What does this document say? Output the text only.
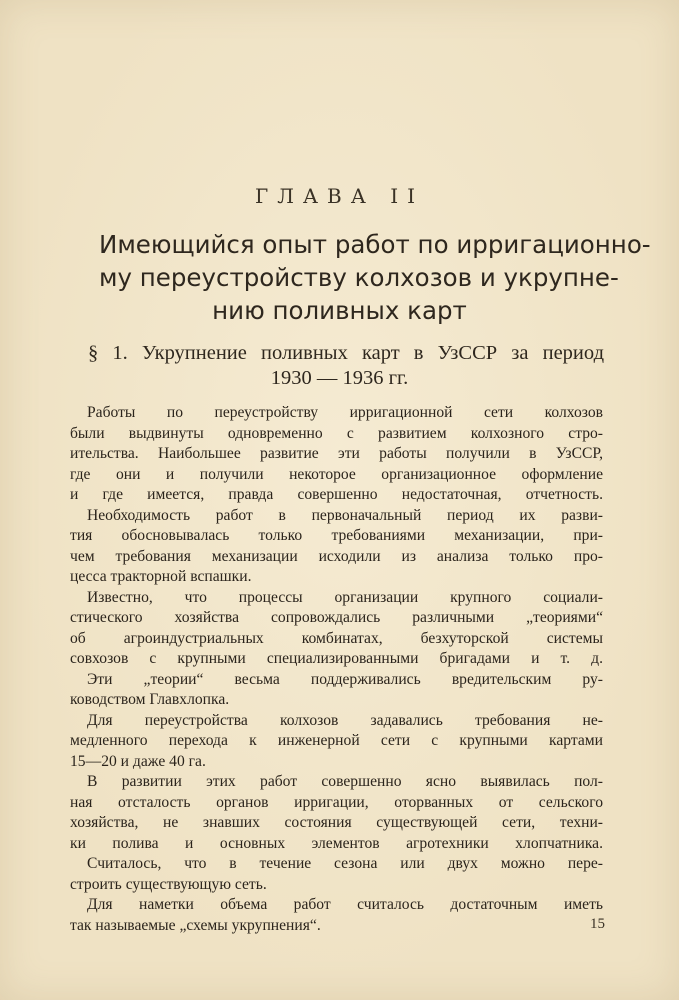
ГЛАВА II
Имеющийся опыт работ по ирригационно-
му переустройству колхозов и укрупне-
нию поливных карт
§ 1. Укрупнение поливных карт в УзССР за период
1930 — 1936 гг.
Работы по переустройству ирригационной сети колхозов
были выдвинуты одновременно с развитием колхозного стро-
ительства. Наибольшее развитие эти работы получили в УзССР,
где они и получили некоторое организационное оформление
и где имеется, правда совершенно недостаточная, отчетность.
Необходимость работ в первоначальный период их разви-
тия обосновывалась только требованиями механизации, при-
чем требования механизации исходили из анализа только про-
цесса тракторной вспашки.
Известно, что процессы организации крупного социали-
стического хозяйства сопровождались различными „теориями“
об агроиндустриальных комбинатах, безхуторской системы
совхозов с крупными специализированными бригадами и т. д.
Эти „теории“ весьма поддерживались вредительским ру-
ководством Главхлопка.
Для переустройства колхозов задавались требования не-
медленного перехода к инженерной сети с крупными картами
15—20 и даже 40 га.
В развитии этих работ совершенно ясно выявилась пол-
ная отсталость органов ирригации, оторванных от сельского
хозяйства, не знавших состояния существующей сети, техни-
ки полива и основных элементов агротехники хлопчатника.
Считалось, что в течение сезона или двух можно пере-
строить существующую сеть.
Для наметки объема работ считалось достаточным иметь
так называемые „схемы укрупнения“.	15
